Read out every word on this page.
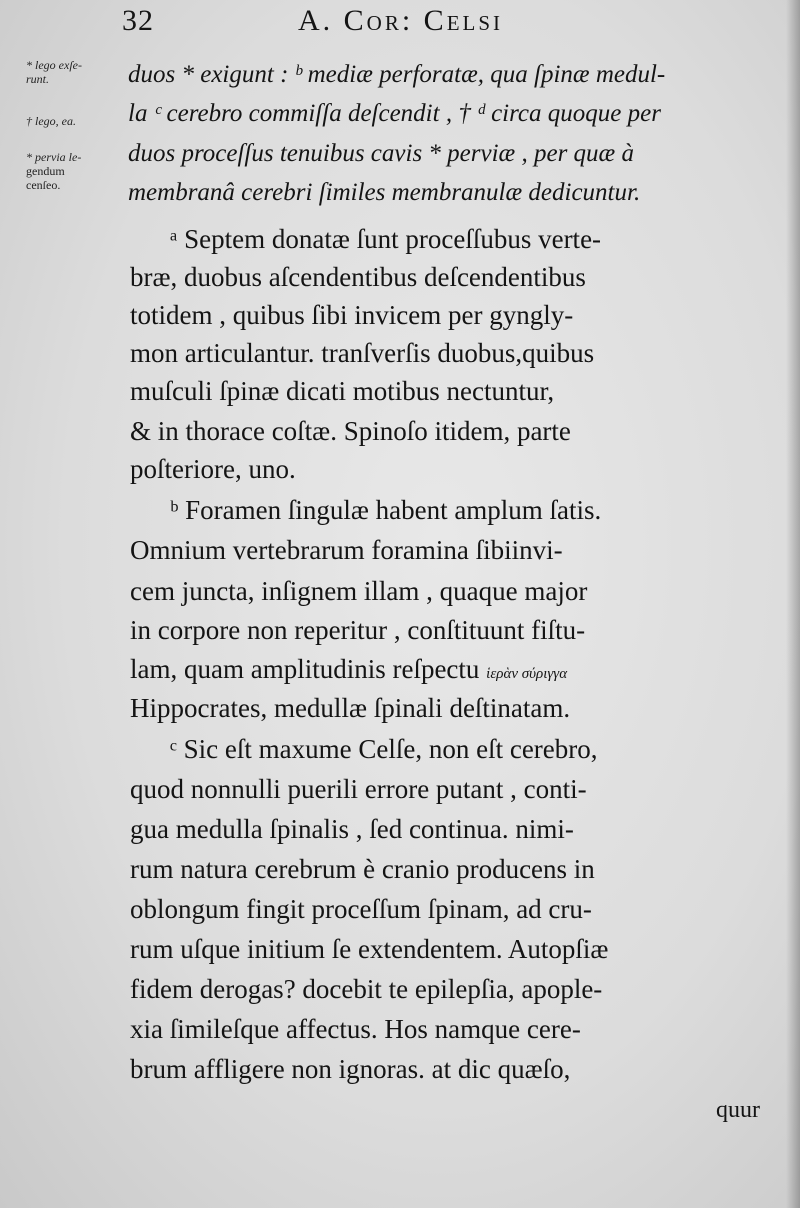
32	A. Cor: Celsi
* lego exſe-
runt.
† lego, ea.
* pervia le-
gendum
cenſeo.
duos * exigunt : ᵇ mediæ perforatæ, qua ſpinæ medul-
la ᶜ cerebro commiſſa deſcendit , † ᵈ circa quoque per
duos proceſſus tenuibus cavis * perviæ , per quæ à
membranâ cerebri ſimiles membranulæ dedicuntur.
ᵃ Septem donatæ ſunt proceſſubus verte-
bræ, duobus aſcendentibus deſcendentibus
totidem , quibus ſibi invicem per gyngly-
mon articulantur. tranſverſis duobus,quibus
muſculi ſpinæ dicati motibus nectuntur,
& in thorace coſtæ. Spinoſo itidem, parte
poſteriore, uno.
ᵇ Foramen ſingulæ habent amplum ſatis.
Omnium vertebrarum foramina ſibiinvi-
cem juncta, inſignem illam , quaque major
in corpore non reperitur , conſtituunt fiſtu-
lam, quam amplitudinis reſpectu ἱερὰν σύριγγα
Hippocrates, medullæ ſpinali deſtinatam.
ᶜ Sic eſt maxume Celſe, non eſt cerebro,
quod nonnulli puerili errore putant , conti-
gua medulla ſpinalis , ſed continua. nimi-
rum natura cerebrum è cranio producens in
oblongum fingit proceſſum ſpinam, ad cru-
rum uſque initium ſe extendentem. Autopſiæ
fidem derogas? docebit te epilepſia, apople-
xia ſimileſque affectus. Hos namque cere-
brum affligere non ignoras. at dic quæſo,
quur
